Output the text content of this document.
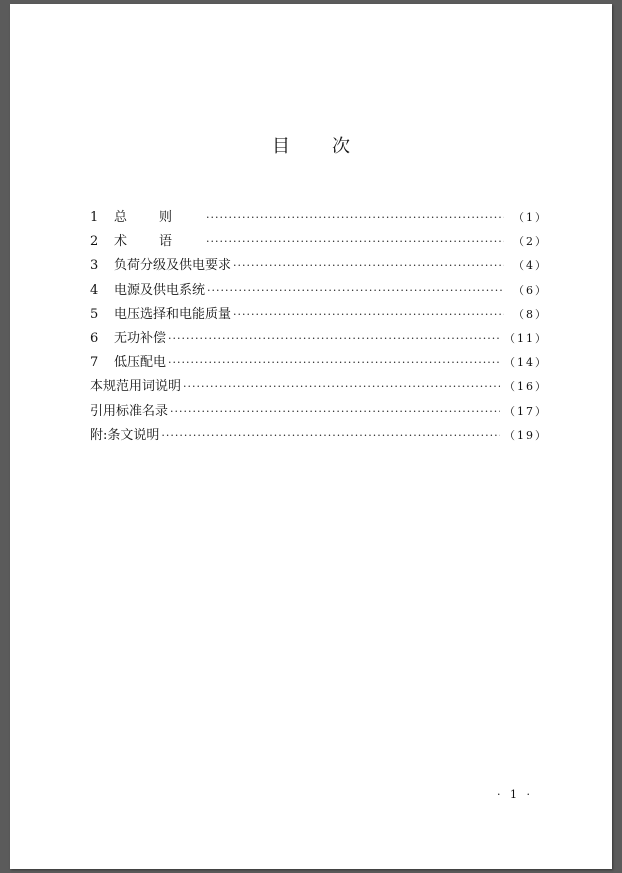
目 次
1	总则 ·····	（1）
2	术语 ·····	（2）
3	负荷分级及供电要求 ·····	（4）
4	电源及供电系统 ·····	（6）
5	电压选择和电能质量 ·····	（8）
6	无功补偿 ·····	（11）
7	低压配电 ·····	（14）
本规范用词说明 ·····	（16）
引用标准名录 ·····	（17）
附:条文说明 ·····	（19）
· 1 ·
